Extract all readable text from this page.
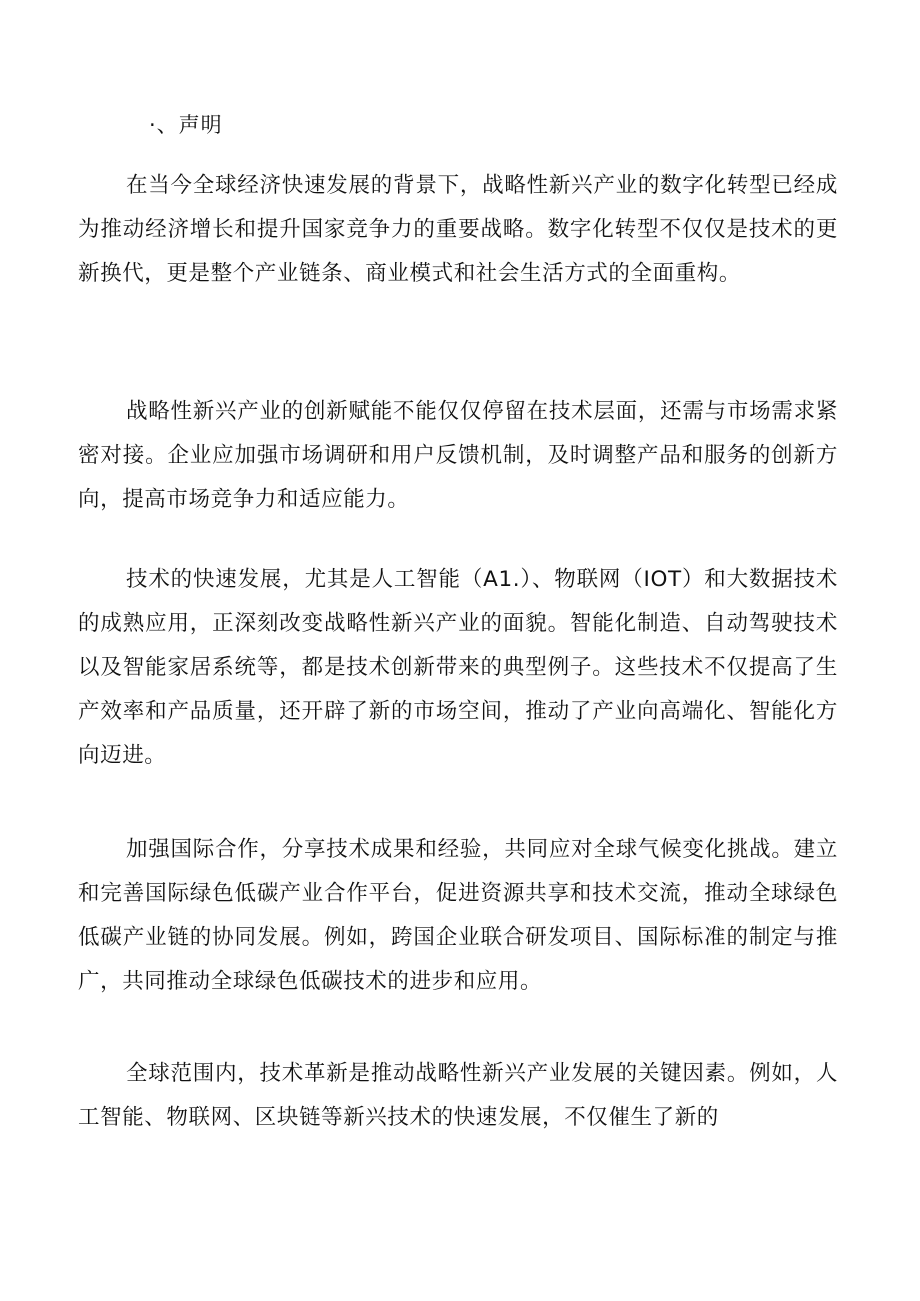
·、声明

在当今全球经济快速发展的背景下，战略性新兴产业的数字化转型已经成为推动经济增长和提升国家竞争力的重要战略。数字化转型不仅仅是技术的更新换代，更是整个产业链条、商业模式和社会生活方式的全面重构。

战略性新兴产业的创新赋能不能仅仅停留在技术层面，还需与市场需求紧密对接。企业应加强市场调研和用户反馈机制，及时调整产品和服务的创新方向，提高市场竞争力和适应能力。

技术的快速发展，尤其是人工智能（A1.）、物联网（IOT）和大数据技术的成熟应用，正深刻改变战略性新兴产业的面貌。智能化制造、自动驾驶技术以及智能家居系统等，都是技术创新带来的典型例子。这些技术不仅提高了生产效率和产品质量，还开辟了新的市场空间，推动了产业向高端化、智能化方向迈进。

加强国际合作，分享技术成果和经验，共同应对全球气候变化挑战。建立和完善国际绿色低碳产业合作平台，促进资源共享和技术交流，推动全球绿色低碳产业链的协同发展。例如，跨国企业联合研发项目、国际标准的制定与推广，共同推动全球绿色低碳技术的进步和应用。

全球范围内，技术革新是推动战略性新兴产业发展的关键因素。例如，人工智能、物联网、区块链等新兴技术的快速发展，不仅催生了新的
